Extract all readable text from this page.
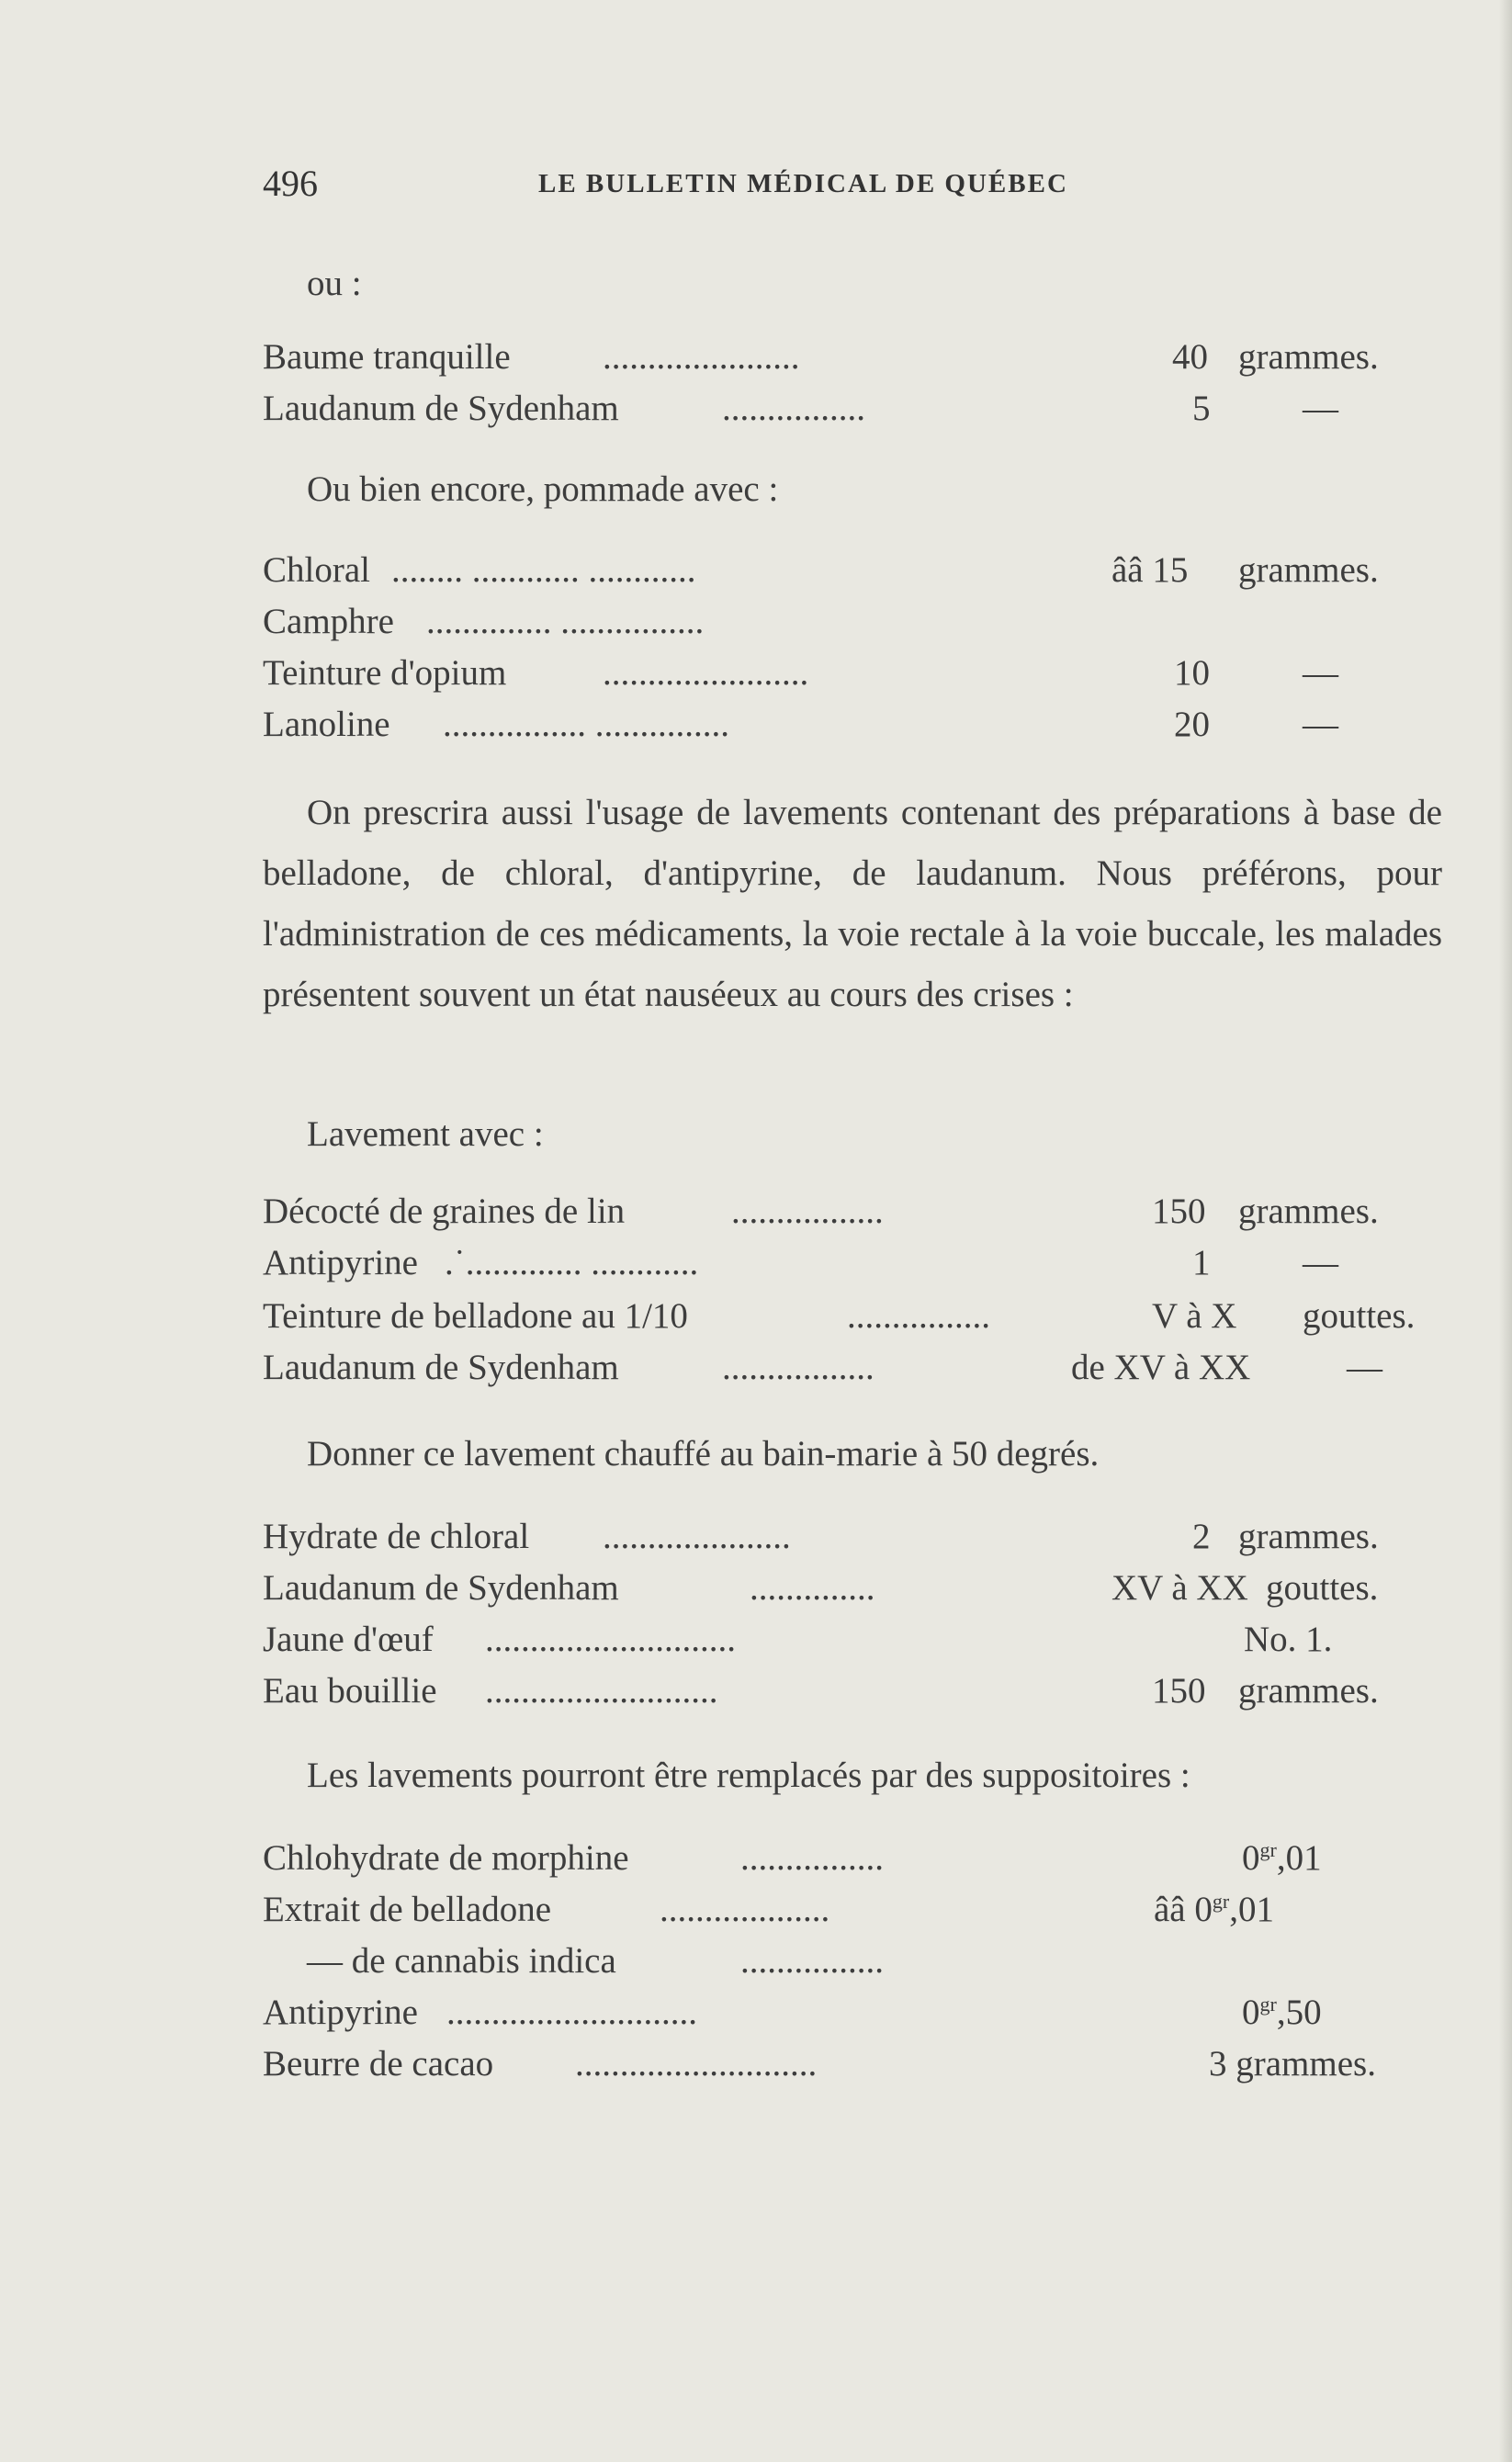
496	LE BULLETIN MÉDICAL DE QUÉBEC
ou :
Baume tranquille	......................	40 grammes.
Laudanum de Sydenham	................	5	—
Ou bien encore, pommade avec :
Chloral ........ ............ ............	ââ 15 grammes.
Camphre .............. ................
Teinture d'opium	.......................	10	—
Lanoline ................ ...............	20	—
On prescrira aussi l'usage de lavements contenant des préparations à base de belladone, de chloral, d'antipyrine, de laudanum. Nous préférons, pour l'administration de ces médicaments, la voie rectale à la voie buccale, les malades présentent souvent un état nauséeux au cours des crises :
Lavement avec :
Décocté de graines de lin	.................	150 grammes.
Antipyrine .˙............. ............	1	—
Teinture de belladone au 1/10	................	V à X gouttes.
Laudanum de Sydenham	.................	de XV à XX	—
Donner ce lavement chauffé au bain-marie à 50 degrés.
Hydrate de chloral .....................	2 grammes.
Laudanum de Sydenham	..............	XV à XX gouttes.
Jaune d'œuf ............................	No. 1.
Eau bouillie ..........................	150 grammes.
Les lavements pourront être remplacés par des suppositoires :
Chlohydrate de morphine	................	$0^{gr},01$
Extrait de belladone	...................	ââ $0^{gr},01$
— de cannabis indica	................
Antipyrine ............................	$0^{gr},50$
Beurre de cacao ...........................	3 grammes.
